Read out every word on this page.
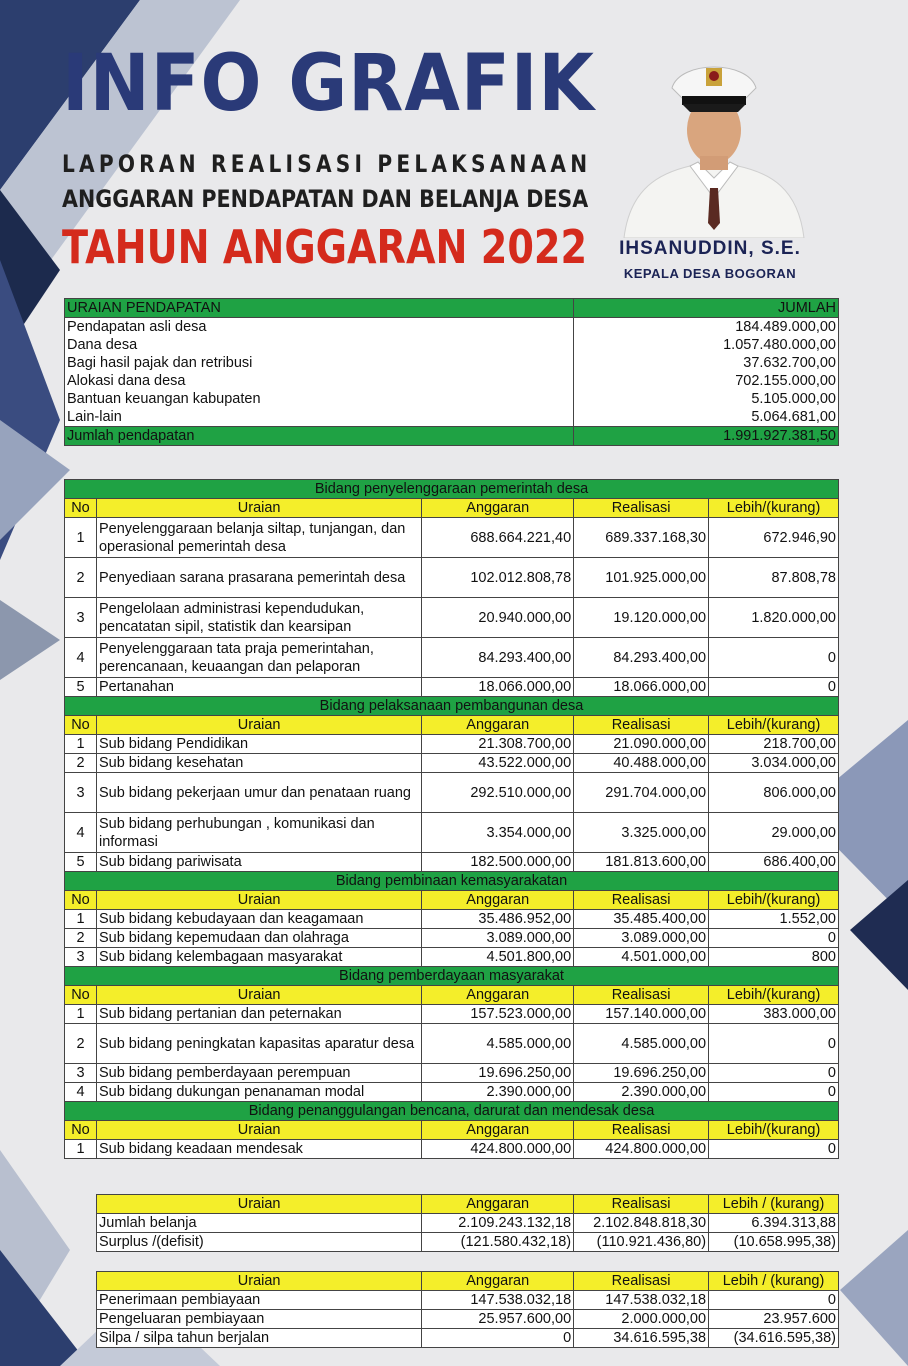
INFO GRAFIK
LAPORAN REALISASI PELAKSANAAN
ANGGARAN PENDAPATAN DAN BELANJA DESA
TAHUN ANGGARAN 2022	IHSANUDDIN, S.E.
KEPALA DESA BOGORAN
URAIAN PENDAPATAN	JUMLAH
Pendapatan asli desa	184.489.000,00
Dana desa	1.057.480.000,00
Bagi hasil pajak dan retribusi	37.632.700,00
Alokasi dana desa	702.155.000,00
Bantuan keuangan kabupaten	5.105.000,00
Lain-lain	5.064.681,00
Jumlah pendapatan	1.991.927.381,50
Bidang penyelenggaraan pemerintah desa				
No	Uraian	Anggaran	Realisasi	Lebih/(kurang)
1	Penyelenggaraan belanja siltap, tunjangan, dan operasional pemerintah desa	688.664.221,40	689.337.168,30	672.946,90
2	Penyediaan sarana prasarana pemerintah desa	102.012.808,78	101.925.000,00	87.808,78
3	Pengelolaan administrasi kependudukan, pencatatan sipil, statistik dan kearsipan	20.940.000,00	19.120.000,00	1.820.000,00
4	Penyelenggaraan tata praja pemerintahan, perencanaan, keuaangan dan pelaporan	84.293.400,00	84.293.400,00	0
5	Pertanahan	18.066.000,00	18.066.000,00	0
Bidang pelaksanaan pembangunan desa				
No	Uraian	Anggaran	Realisasi	Lebih/(kurang)
1	Sub bidang Pendidikan	21.308.700,00	21.090.000,00	218.700,00
2	Sub bidang kesehatan	43.522.000,00	40.488.000,00	3.034.000,00
3	Sub bidang pekerjaan umur dan penataan ruang	292.510.000,00	291.704.000,00	806.000,00
4	Sub bidang perhubungan , komunikasi dan informasi	3.354.000,00	3.325.000,00	29.000,00
5	Sub bidang pariwisata	182.500.000,00	181.813.600,00	686.400,00
Bidang pembinaan kemasyarakatan				
No	Uraian	Anggaran	Realisasi	Lebih/(kurang)
1	Sub bidang kebudayaan dan keagamaan	35.486.952,00	35.485.400,00	1.552,00
2	Sub bidang kepemudaan dan olahraga	3.089.000,00	3.089.000,00	0
3	Sub bidang kelembagaan masyarakat	4.501.800,00	4.501.000,00	800
Bidang pemberdayaan masyarakat				
No	Uraian	Anggaran	Realisasi	Lebih/(kurang)
1	Sub bidang pertanian dan peternakan	157.523.000,00	157.140.000,00	383.000,00
2	Sub bidang peningkatan kapasitas aparatur desa	4.585.000,00	4.585.000,00	0
3	Sub bidang pemberdayaan perempuan	19.696.250,00	19.696.250,00	0
4	Sub bidang dukungan penanaman modal	2.390.000,00	2.390.000,00	0
Bidang penanggulangan bencana, darurat dan mendesak desa				
No	Uraian	Anggaran	Realisasi	Lebih/(kurang)
1	Sub bidang keadaan mendesak	424.800.000,00	424.800.000,00	0
Uraian	Anggaran	Realisasi	Lebih / (kurang)
Jumlah belanja	2.109.243.132,18	2.102.848.818,30	6.394.313,88
Surplus /(defisit)	(121.580.432,18)	(110.921.436,80)	(10.658.995,38)
Uraian	Anggaran	Realisasi	Lebih / (kurang)
Penerimaan pembiayaan	147.538.032,18	147.538.032,18	0
Pengeluaran pembiayaan	25.957.600,00	2.000.000,00	23.957.600
Silpa / silpa tahun berjalan	0	34.616.595,38	(34.616.595,38)
